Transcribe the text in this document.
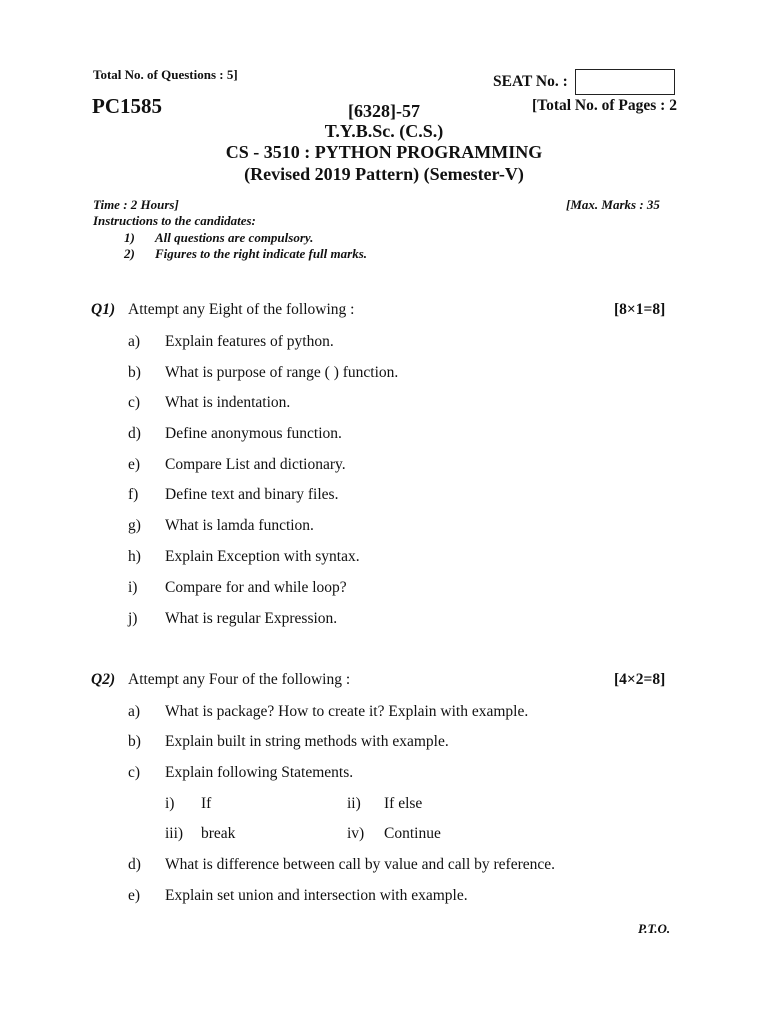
Total No. of Questions : 5]	SEAT No. :
PC1585	[Total No. of Pages : 2
[6328]-57
T.Y.B.Sc. (C.S.)
CS - 3510 : PYTHON PROGRAMMING
(Revised 2019 Pattern) (Semester-V)
Time : 2 Hours]	[Max. Marks : 35
Instructions to the candidates:
1) All questions are compulsory.
2) Figures to the right indicate full marks.
Q1) Attempt any Eight of the following :	[8×1=8]
a) Explain features of python.
b) What is purpose of range ( ) function.
c) What is indentation.
d) Define anonymous function.
e) Compare List and dictionary.
f) Define text and binary files.
g) What is lamda function.
h) Explain Exception with syntax.
i) Compare for and while loop?
j) What is regular Expression.
Q2) Attempt any Four of the following :	[4×2=8]
a) What is package? How to create it? Explain with example.
b) Explain built in string methods with example.
c) Explain following Statements.
i) If	ii) If else
iii) break	iv) Continue
d) What is difference between call by value and call by reference.
e) Explain set union and intersection with example.
P.T.O.
